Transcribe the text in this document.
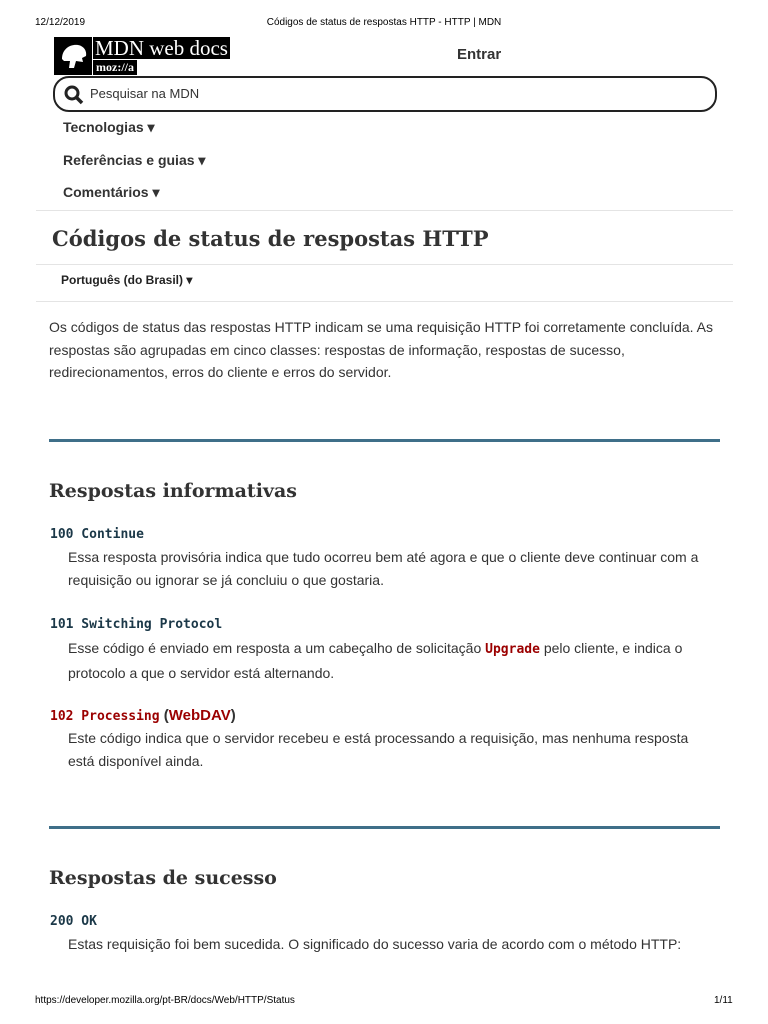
12/12/2019	Códigos de status de respostas HTTP - HTTP | MDN
MDN web docs
moz://a
Entrar
Pesquisar na MDN
Tecnologias ▾
Referências e guias ▾
Comentários ▾
Códigos de status de respostas HTTP
Português (do Brasil) ▾

Os códigos de status das respostas HTTP indicam se uma requisição HTTP foi corretamente concluída. As respostas são agrupadas em cinco classes: respostas de informação, respostas de sucesso, redirecionamentos, erros do cliente e erros do servidor.

Respostas informativas
100 Continue

Essa resposta provisória indica que tudo ocorreu bem até agora e que o cliente deve continuar com a requisição ou ignorar se já concluiu o que gostaria.

101 Switching Protocol

Esse código é enviado em resposta a um cabeçalho de solicitação Upgrade pelo cliente, e indica o protocolo a que o servidor está alternando.

102 Processing (WebDAV)

Este código indica que o servidor recebeu e está processando a requisição, mas nenhuma resposta está disponível ainda.

Respostas de sucesso
200 OK

Estas requisição foi bem sucedida. O significado do sucesso varia de acordo com o método HTTP:

https://developer.mozilla.org/pt-BR/docs/Web/HTTP/Status	1/11
